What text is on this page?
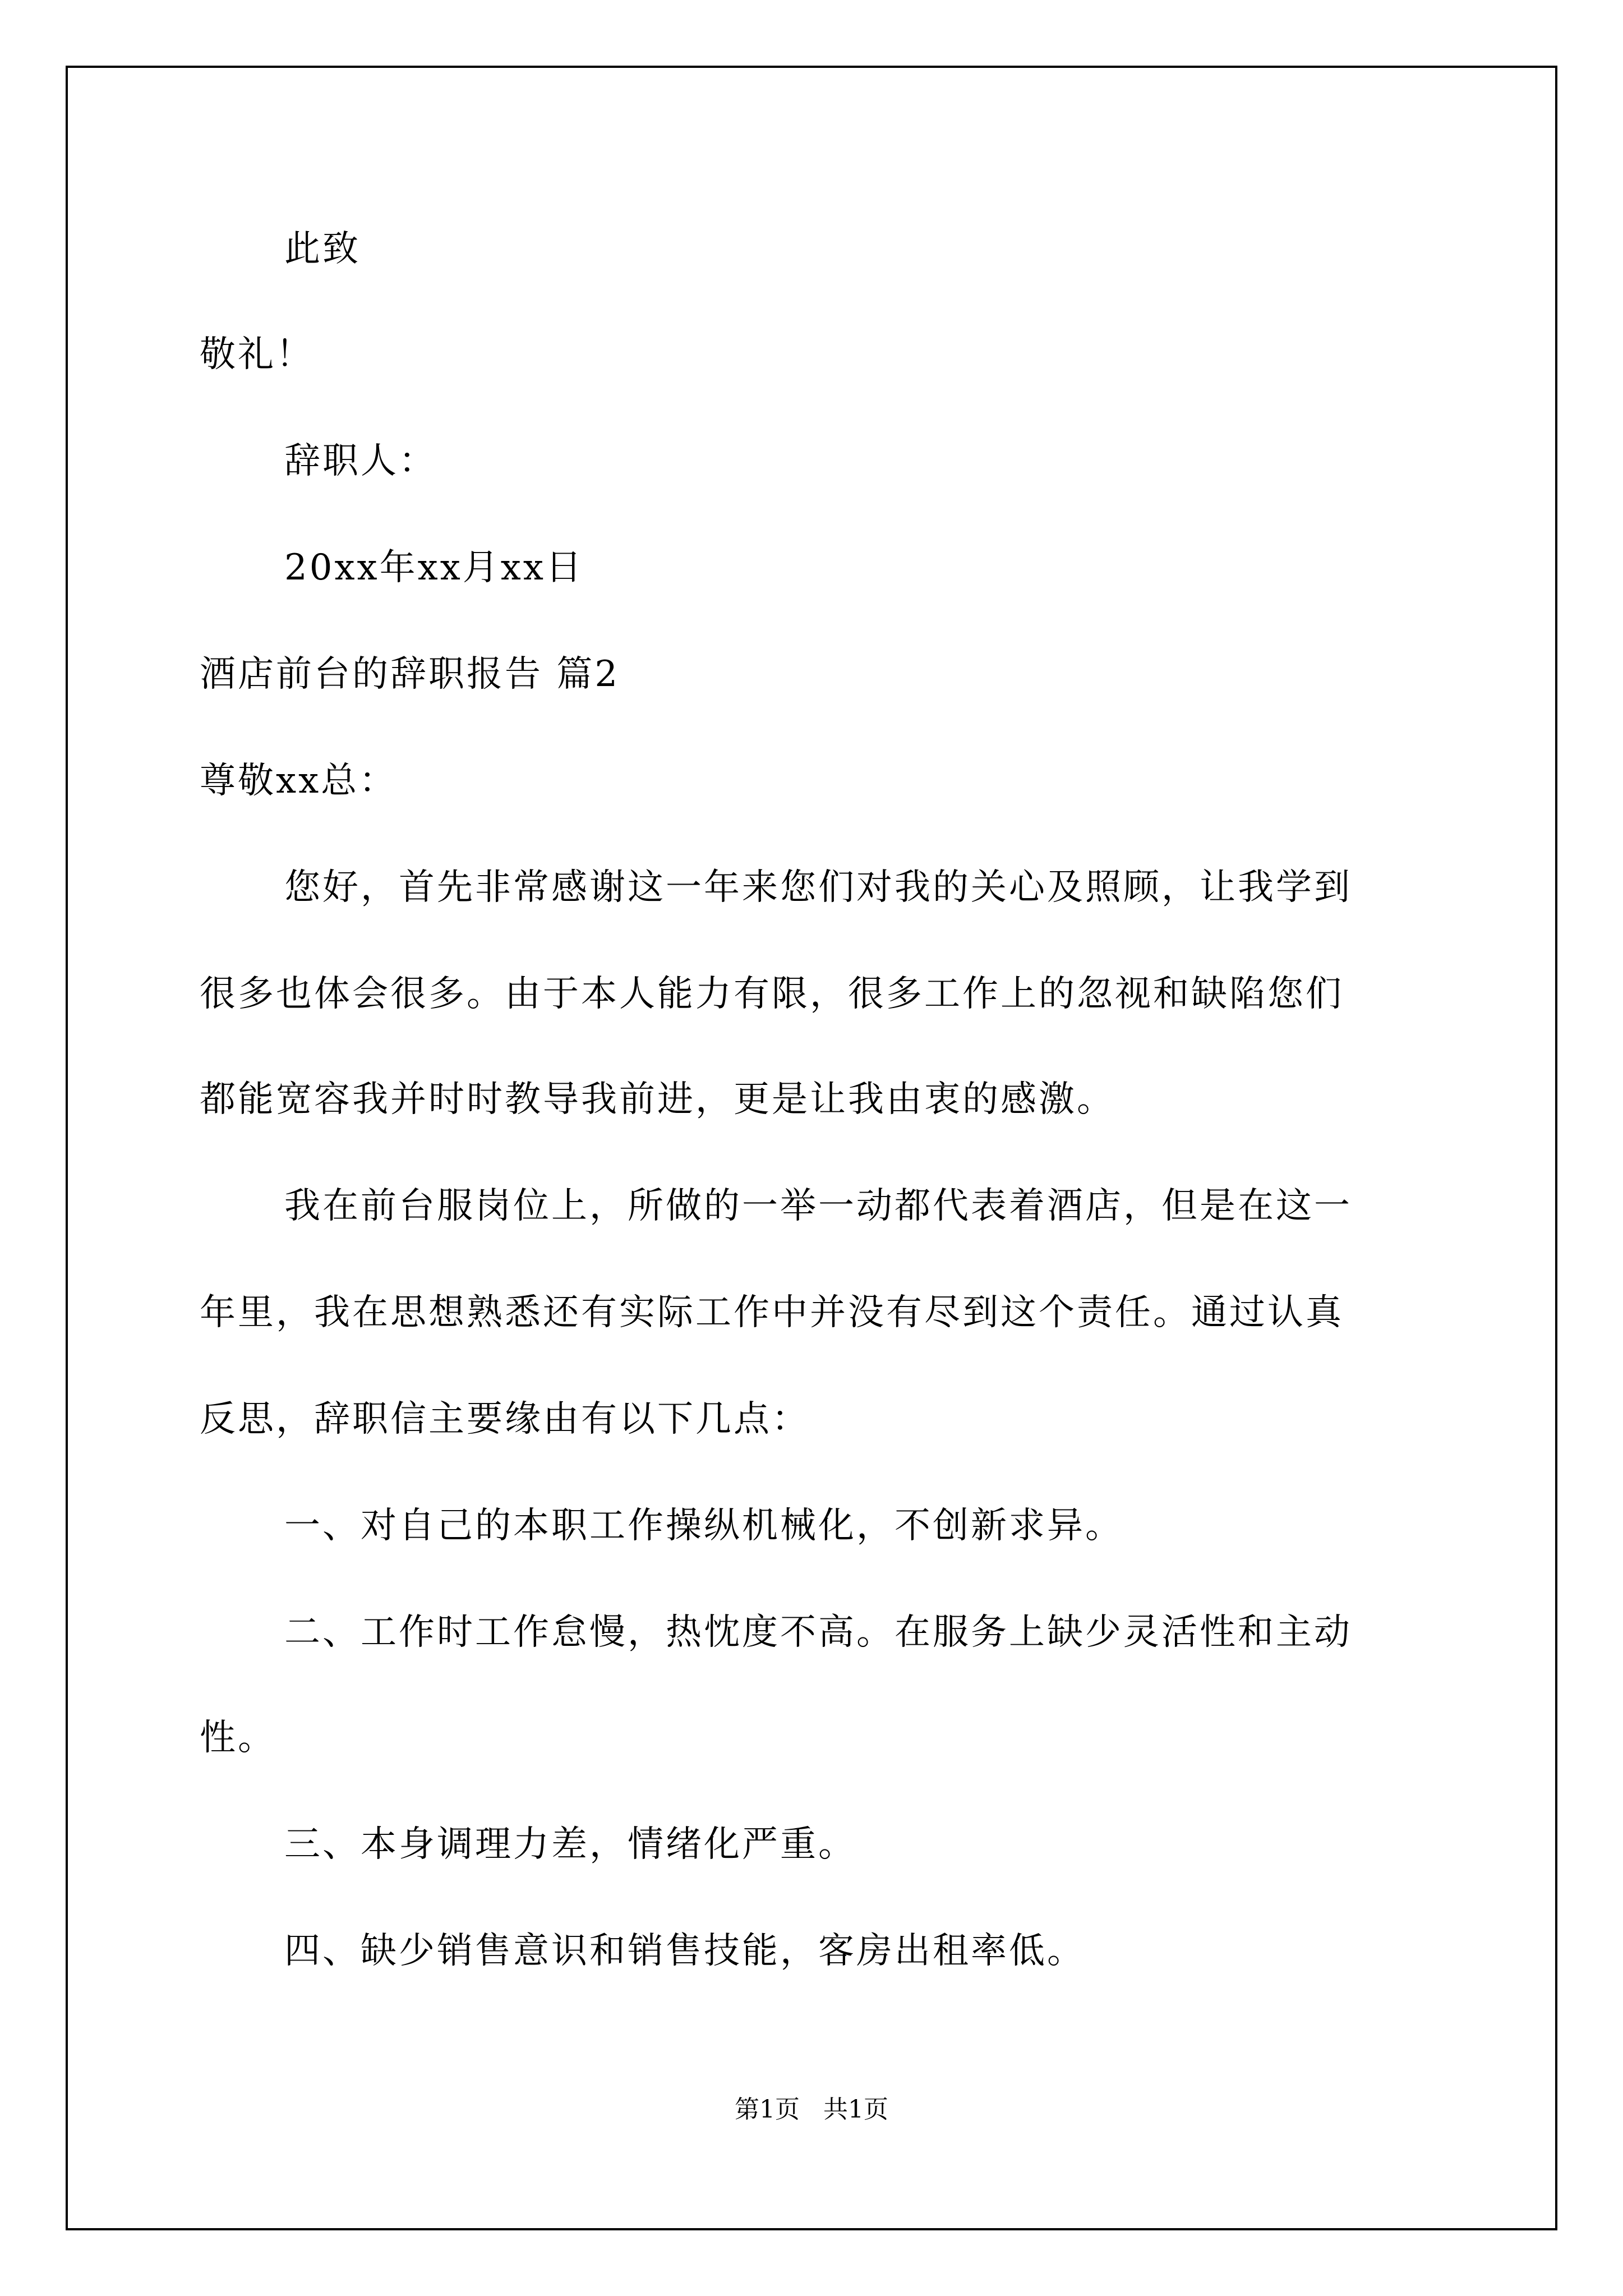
此致
敬礼！
辞职人：
20xx年xx月xx日
酒店前台的辞职报告 篇2
尊敬xx总：
您好，首先非常感谢这一年来您们对我的关心及照顾，让我学到
很多也体会很多。由于本人能力有限，很多工作上的忽视和缺陷您们
都能宽容我并时时教导我前进，更是让我由衷的感激。
我在前台服岗位上，所做的一举一动都代表着酒店，但是在这一
年里，我在思想熟悉还有实际工作中并没有尽到这个责任。通过认真
反思，辞职信主要缘由有以下几点：
一、对自己的本职工作操纵机械化，不创新求异。
二、工作时工作怠慢，热忱度不高。在服务上缺少灵活性和主动
性。
三、本身调理力差，情绪化严重。
四、缺少销售意识和销售技能，客房出租率低。
第1页   共1页
